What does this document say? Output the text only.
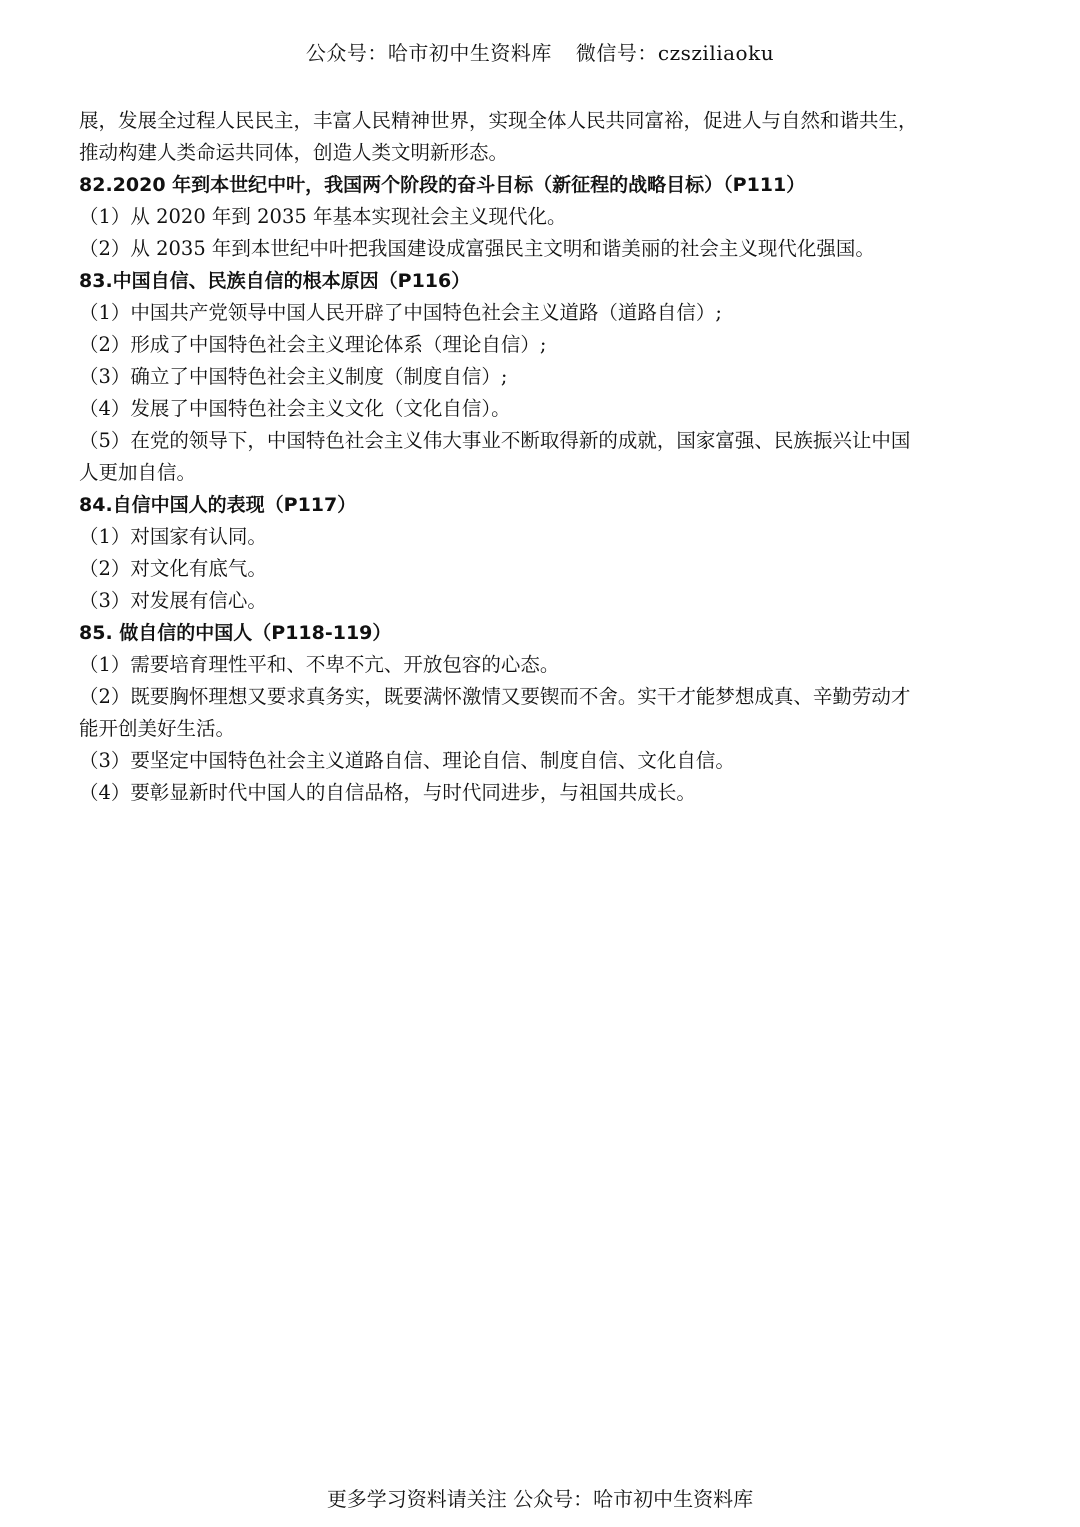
公众号：哈市初中生资料库 微信号：czsziliaoku
展，发展全过程人民民主，丰富人民精神世界，实现全体人民共同富裕，促进人与自然和谐共生，
推动构建人类命运共同体，创造人类文明新形态。
82.2020 年到本世纪中叶，我国两个阶段的奋斗目标（新征程的战略目标）（P111）
（1）从 2020 年到 2035 年基本实现社会主义现代化。
（2）从 2035 年到本世纪中叶把我国建设成富强民主文明和谐美丽的社会主义现代化强国。
83.中国自信、民族自信的根本原因（P116）
（1）中国共产党领导中国人民开辟了中国特色社会主义道路（道路自信）;
（2）形成了中国特色社会主义理论体系（理论自信）;
（3）确立了中国特色社会主义制度（制度自信）;
（4）发展了中国特色社会主义文化（文化自信）。
（5）在党的领导下，中国特色社会主义伟大事业不断取得新的成就，国家富强、民族振兴让中国
人更加自信。
84.自信中国人的表现（P117）
（1）对国家有认同。
（2）对文化有底气。
（3）对发展有信心。
85. 做自信的中国人（P118-119）
（1）需要培育理性平和、不卑不亢、开放包容的心态。
（2）既要胸怀理想又要求真务实，既要满怀激情又要锲而不舍。实干才能梦想成真、辛勤劳动才
能开创美好生活。
（3）要坚定中国特色社会主义道路自信、理论自信、制度自信、文化自信。
（4）要彰显新时代中国人的自信品格，与时代同进步，与祖国共成长。
更多学习资料请关注 公众号：哈市初中生资料库
